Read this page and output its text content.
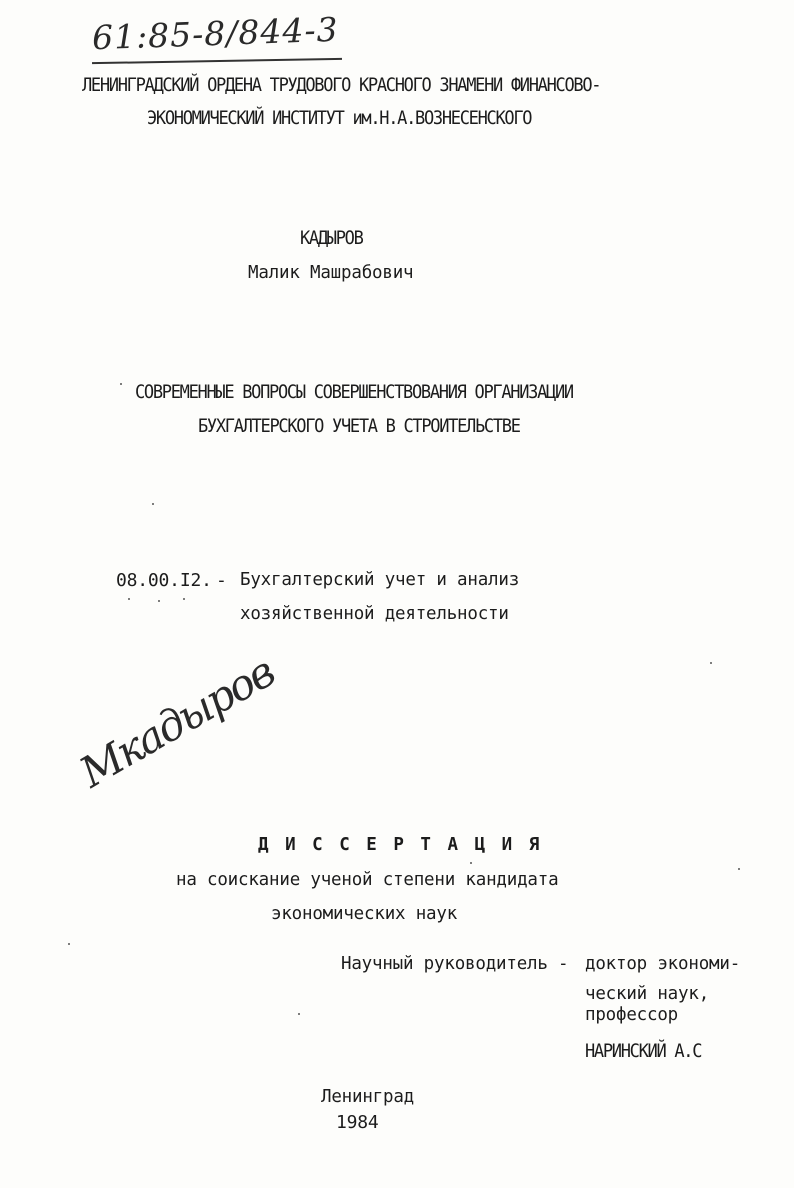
61:85-8/844-3
ЛЕНИНГРАДСКИЙ ОРДЕНА ТРУДОВОГО КРАСНОГО ЗНАМЕНИ ФИНАНСОВО-
ЭКОНОМИЧЕСКИЙ ИНСТИТУТ им.Н.А.ВОЗНЕСЕНСКОГО
КАДЫРОВ
Малик Машрабович
СОВРЕМЕННЫЕ ВОПРОСЫ СОВЕРШЕНСТВОВАНИЯ ОРГАНИЗАЦИИ
БУХГАЛТЕРСКОГО УЧЕТА В СТРОИТЕЛЬСТВЕ
08.00.I2. - Бухгалтерский учет и анализ
хозяйственной деятельности
Мкадыров
Д И С С Е Р Т А Ц И Я
на соискание ученой степени кандидата
экономических наук
Научный руководитель - доктор экономи-
ческий наук,
профессор
НАРИНСКИЙ А.С
Ленинград
1984
